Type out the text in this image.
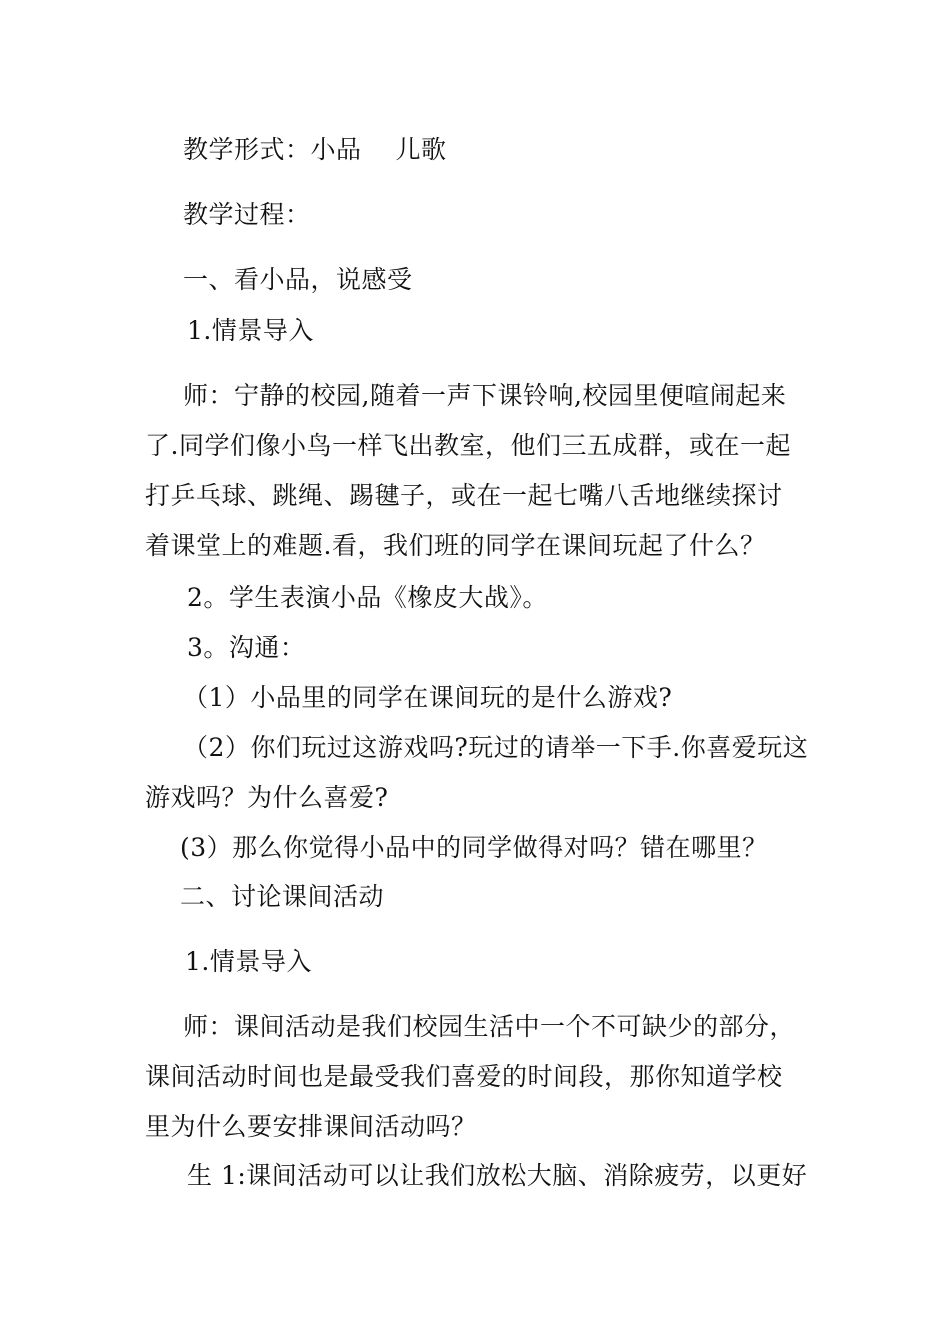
教学形式：小品 儿歌
教学过程：
一、看小品，说感受
1.情景导入
师：宁静的校园,随着一声下课铃响,校园里便喧闹起来
了.同学们像小鸟一样飞出教室，他们三五成群，或在一起
打乒乓球、跳绳、踢毽子，或在一起七嘴八舌地继续探讨
着课堂上的难题.看，我们班的同学在课间玩起了什么？
2。学生表演小品《橡皮大战》。
3。沟通：
（1）小品里的同学在课间玩的是什么游戏?
（2）你们玩过这游戏吗?玩过的请举一下手.你喜爱玩这
游戏吗？为什么喜爱?
(3）那么你觉得小品中的同学做得对吗？错在哪里？
二、讨论课间活动
1.情景导入
师：课间活动是我们校园生活中一个不可缺少的部分，
课间活动时间也是最受我们喜爱的时间段，那你知道学校
里为什么要安排课间活动吗？
生 1:课间活动可以让我们放松大脑、消除疲劳，以更好
